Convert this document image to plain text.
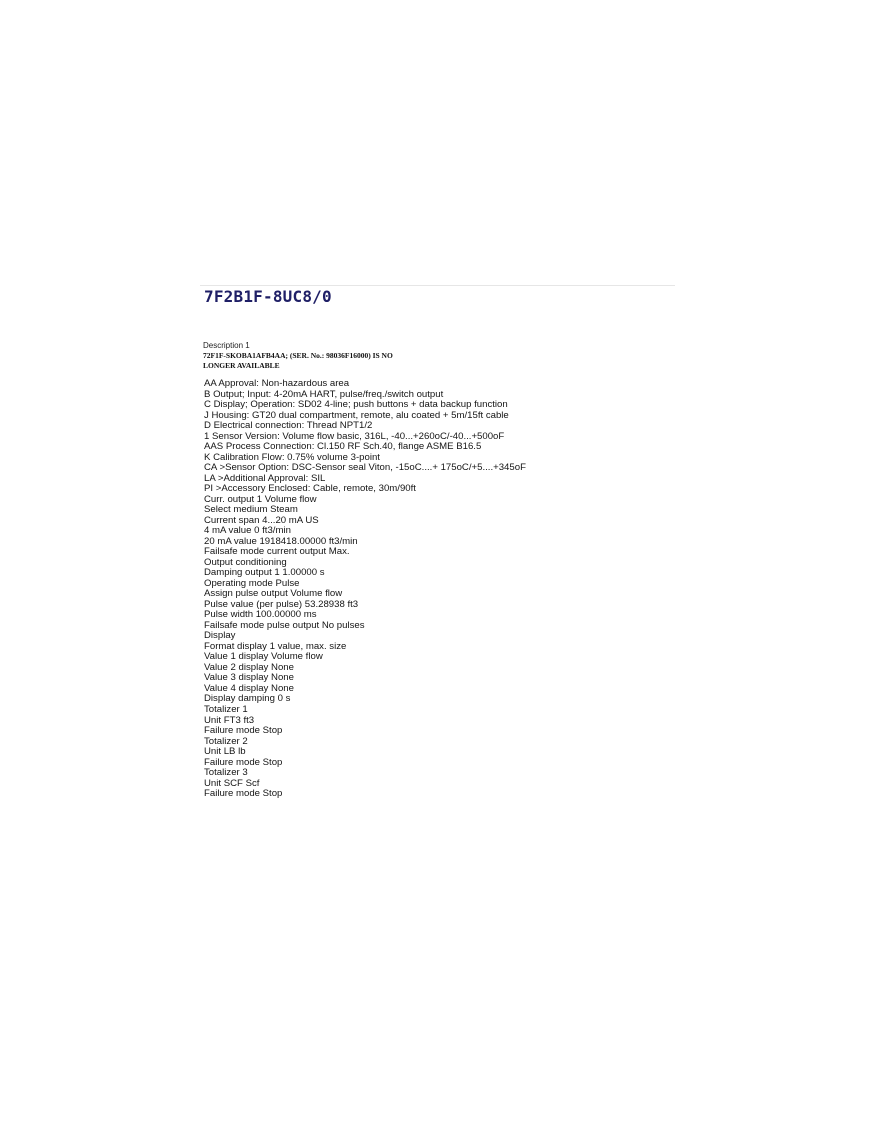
7F2B1F-8UC8/0
Description 1
72F1F-SKOBA1AFB4AA; (SER. No.: 98036F16000) IS NO LONGER AVAILABLE
AA Approval: Non-hazardous area
B Output; Input: 4-20mA HART, pulse/freq./switch output
C Display; Operation: SD02 4-line; push buttons + data backup function
J Housing: GT20 dual compartment, remote, alu coated + 5m/15ft cable
D Electrical connection: Thread NPT1/2
1 Sensor Version: Volume flow basic, 316L, -40...+260oC/-40...+500oF
AAS Process Connection: Cl.150 RF Sch.40, flange ASME B16.5
K Calibration Flow: 0.75% volume 3-point
CA >Sensor Option: DSC-Sensor seal Viton, -15oC....+ 175oC/+5....+345oF
LA >Additional Approval: SIL
PI >Accessory Enclosed: Cable, remote, 30m/90ft
Curr. output 1 Volume flow
Select medium Steam
Current span 4...20 mA US
4 mA value 0 ft3/min
20 mA value 1918418.00000 ft3/min
Failsafe mode current output Max.
Output conditioning
Damping output 1 1.00000 s
Operating mode Pulse
Assign pulse output Volume flow
Pulse value (per pulse) 53.28938 ft3
Pulse width 100.00000 ms
Failsafe mode pulse output No pulses
Display
Format display 1 value, max. size
Value 1 display Volume flow
Value 2 display None
Value 3 display None
Value 4 display None
Display damping 0 s
Totalizer 1
Unit FT3 ft3
Failure mode Stop
Totalizer 2
Unit LB lb
Failure mode Stop
Totalizer 3
Unit SCF Scf
Failure mode Stop
